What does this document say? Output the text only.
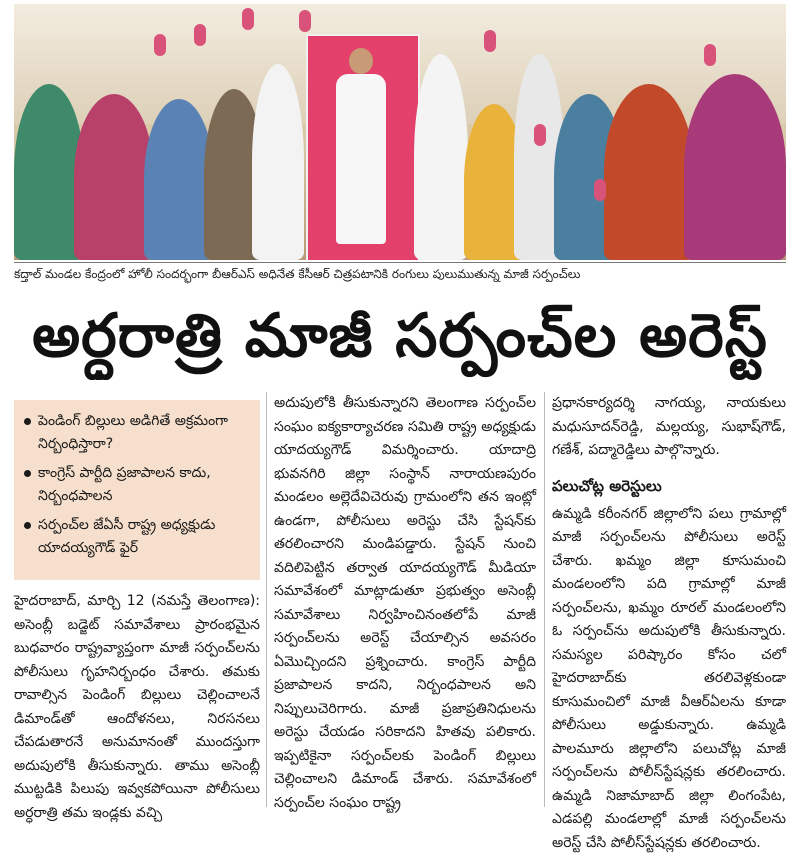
కద్తాల్ మండల కేంద్రంలో హోలీ సందర్భంగా బీఆర్ఎస్ అధినేత కేసీఆర్ చిత్రపటానికి రంగులు పులుముతున్న మాజీ సర్పంచ్‌లు
అర్ధరాత్రి మాజీ సర్పంచ్‌ల అరెస్ట్
పెండింగ్ బిల్లులు అడిగితే అక్రమంగా నిర్బంధిస్తారా?
కాంగ్రెస్ పార్టీది ప్రజాపాలన కాదు, నిర్బంధపాలన
సర్పంచ్‌ల జేఏసీ రాష్ట్ర అధ్యక్షుడు యాదయ్యగౌడ్ ఫైర్
హైదరాబాద్, మార్చి 12 (నమస్తే తెలంగాణ): అసెంబ్లీ బడ్జెట్ సమావేశాలు ప్రారంభమైన బుధవారం రాష్ట్రవ్యాప్తంగా మాజీ సర్పంచ్‌లను పోలీసులు గృహనిర్బంధం చేశారు. తమకు రావాల్సిన పెండింగ్ బిల్లులు చెల్లించాలనే డిమాండ్‌తో ఆందోళనలు, నిరసనలు చేపడుతారనే అనుమానంతో ముందస్తుగా అదుపులోకి తీసుకున్నారు. తాము అసెంబ్లీ ముట్టడికి పిలుపు ఇవ్వకపోయినా పోలీసులు అర్ధరాత్రి తమ ఇండ్లకు వచ్చి
అదుపులోకి తీసుకున్నారని తెలంగాణ సర్పంచ్‌ల సంఘం ఐక్యకార్యాచరణ సమితి రాష్ట్ర అధ్యక్షుడు యాదయ్యగౌడ్ విమర్శించారు. యాదాద్రి భువనగిరి జిల్లా సంస్థాన్ నారాయణపురం మండలం అల్లెదేవిచెరువు గ్రామంలోని తన ఇంట్లో ఉండగా, పోలీసులు అరెస్టు చేసి స్టేషన్‌కు తరలించారని మండిపడ్డారు. స్టేషన్ నుంచి వదిలిపెట్టిన తర్వాత యాదయ్యగౌడ్ మీడియా సమావేశంలో మాట్లాడుతూ ప్రభుత్వం అసెంబ్లీ సమావేశాలు నిర్వహించినంతలోపే మాజీ సర్పంచ్‌లను అరెస్ట్ చేయాల్సిన అవసరం ఏమొచ్చిందని ప్రశ్నించారు. కాంగ్రెస్ పార్టీది ప్రజాపాలన కాదని, నిర్బంధపాలన అని నిప్పులుచెరిగారు. మాజీ ప్రజాప్రతినిధులను అరెస్టు చేయడం సరికాదని హితవు పలికారు. ఇప్పటికైనా సర్పంచ్‌లకు పెండింగ్ బిల్లులు చెల్లించాలని డిమాండ్ చేశారు. సమావేశంలో సర్పంచ్‌ల సంఘం రాష్ట్ర
ప్రధానకార్యదర్శి నాగయ్య, నాయకులు మధుసూదన్‌రెడ్డి, మల్లయ్య, సుభాష్‌గౌడ్, గణేశ్, పద్మారెడ్డిలు పాల్గొన్నారు.
పలుచోట్ల అరెస్టులు
ఉమ్మడి కరీంనగర్ జిల్లాలోని పలు గ్రామాల్లో మాజీ సర్పంచ్‌లను పోలీసులు అరెస్ట్ చేశారు. ఖమ్మం జిల్లా కూసుమంచి మండలంలోని పది గ్రామాల్లో మాజీ సర్పంచ్‌లను, ఖమ్మం రూరల్ మండలంలోని ఓ సర్పంచ్‌ను అదుపులోకి తీసుకున్నారు. సమస్యల పరిష్కారం కోసం చలో హైదరాబాద్‌కు తరలివెళ్లకుండా కూసుమంచిలో మాజీ వీఆర్‌ఏలను కూడా పోలీసులు అడ్డుకున్నారు. ఉమ్మడి పాలమూరు జిల్లాలోని పలుచోట్ల మాజీ సర్పంచ్‌లను పోలీస్‌స్టేషన్లకు తరలించారు. ఉమ్మడి నిజామాబాద్ జిల్లా లింగంపేట, ఎడపల్లి మండలాల్లో మాజీ సర్పంచ్‌లను అరెస్ట్ చేసి పోలీస్‌స్టేషన్లకు తరలించారు.
